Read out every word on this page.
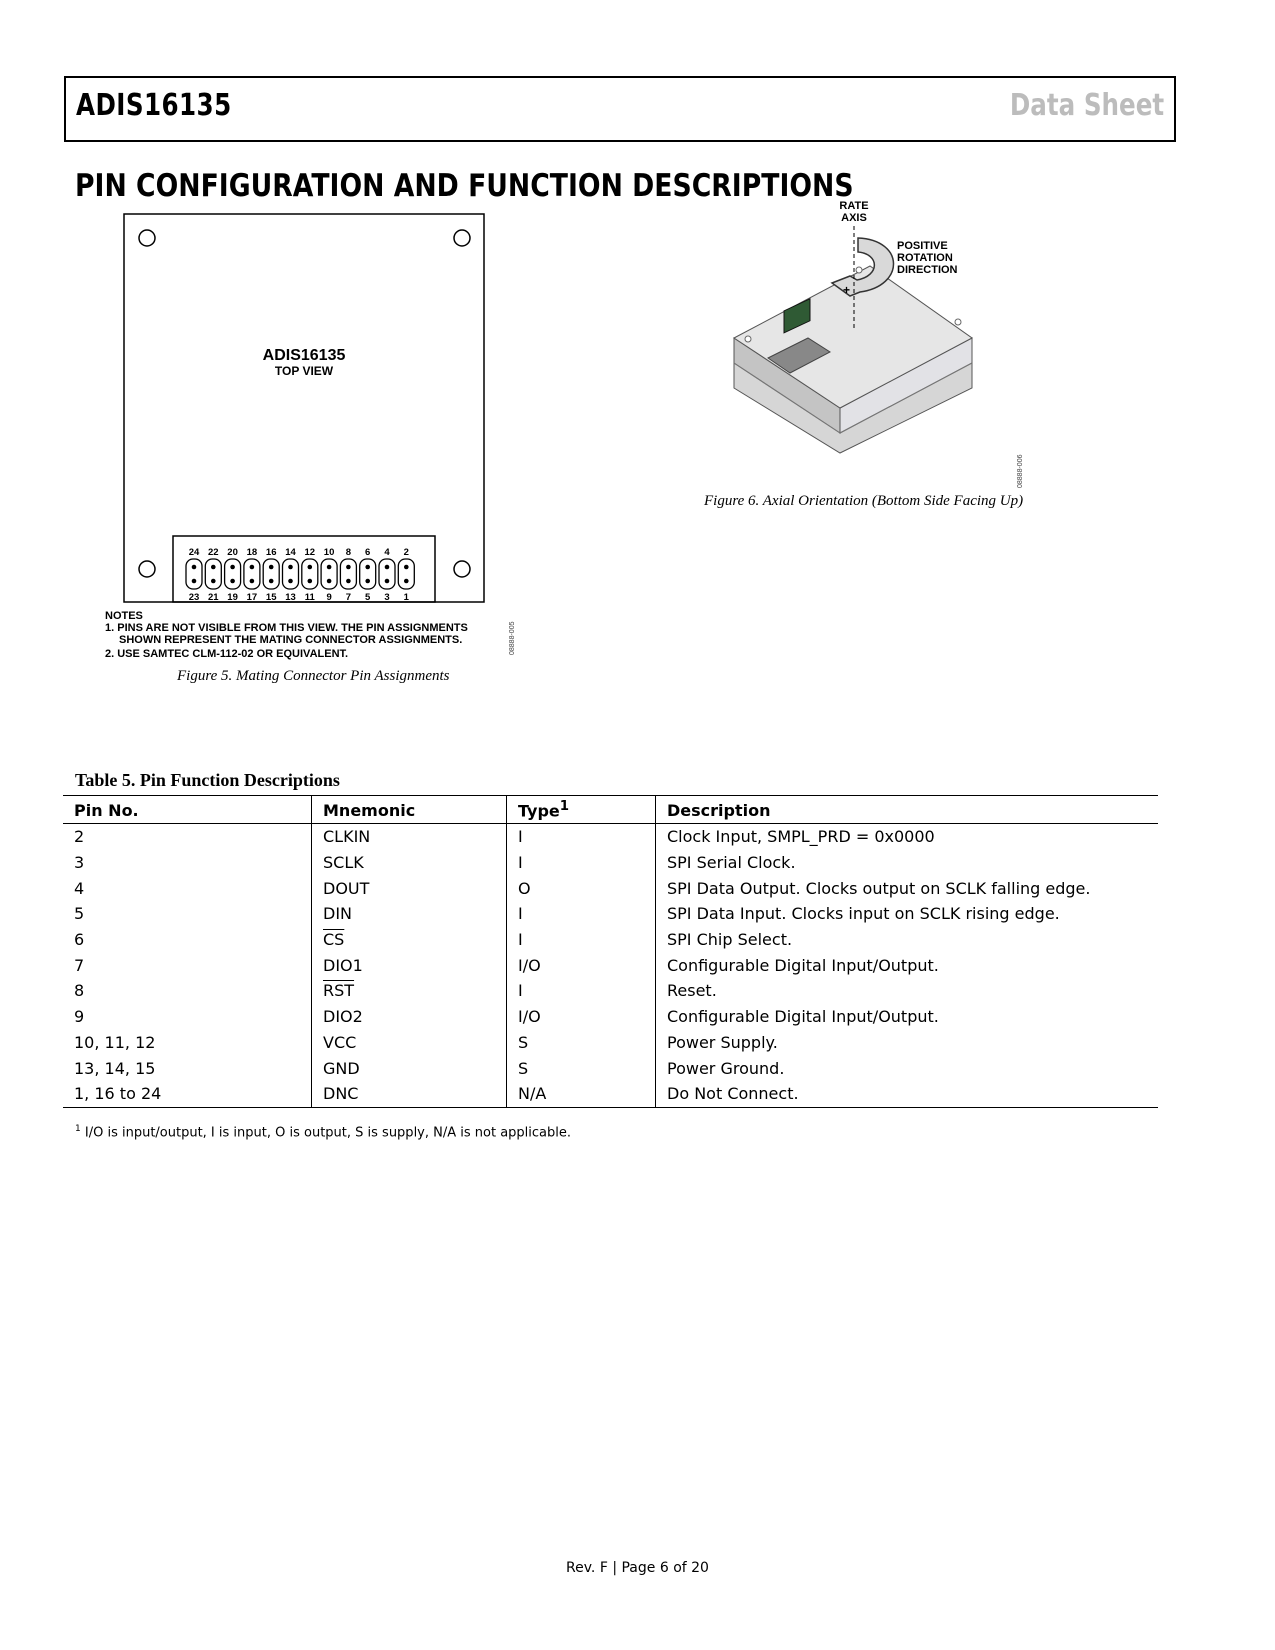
ADIS16135	Data Sheet
PIN CONFIGURATION AND FUNCTION DESCRIPTIONS
ADIS16135
TOP VIEW
24
23
22
21
20
19
18
17
16
15
14
13
12
11
10
9
8
7
6
5
4
3
2
1
NOTES
1. PINS ARE NOT VISIBLE FROM THIS VIEW. THE PIN ASSIGNMENTS
SHOWN REPRESENT THE MATING CONNECTOR ASSIGNMENTS.
2. USE SAMTEC CLM-112-02 OR EQUIVALENT.	08888-005
Figure 5. Mating Connector Pin Assignments
RATE
AXIS
+
POSITIVE
ROTATION
DIRECTION
08888-006
Figure 6. Axial Orientation (Bottom Side Facing Up)
Table 5. Pin Function Descriptions
Pin No.	Mnemonic	Type$^1$	Description
2	CLKIN	I	Clock Input, SMPL_PRD = 0x0000
3	SCLK	I	SPI Serial Clock.
4	DOUT	O	SPI Data Output. Clocks output on SCLK falling edge.
5	DIN	I	SPI Data Input. Clocks input on SCLK rising edge.
6	$\overline{CS}$	I	SPI Chip Select.
7	DIO1	I/O	Configurable Digital Input/Output.
8	$\overline{RST}$	I	Reset.
9	DIO2	I/O	Configurable Digital Input/Output.
10, 11, 12	VCC	S	Power Supply.
13, 14, 15	GND	S	Power Ground.
1, 16 to 24	DNC	N/A	Do Not Connect.
$^1$ I/O is input/output, I is input, O is output, S is supply, N/A is not applicable.
Rev. F | Page 6 of 20
